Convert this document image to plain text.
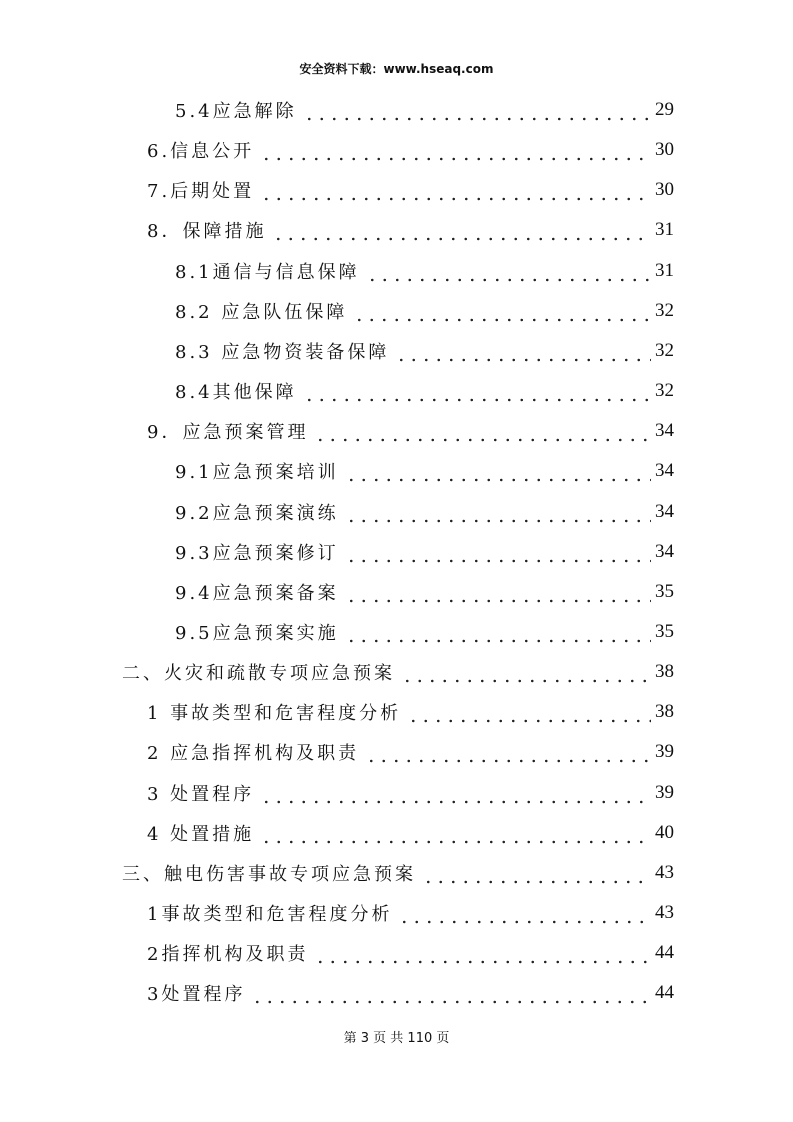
安全资料下载：www.hseaq.com
5.4应急解除	29
6.信息公开	30
7.后期处置	30
8．保障措施	31
8.1通信与信息保障	31
8.2 应急队伍保障	32
8.3 应急物资装备保障	32
8.4其他保障	32
9．应急预案管理	34
9.1应急预案培训	34
9.2应急预案演练	34
9.3应急预案修订	34
9.4应急预案备案	35
9.5应急预案实施	35
二、火灾和疏散专项应急预案	38
1 事故类型和危害程度分析	38
2 应急指挥机构及职责	39
3 处置程序	39
4 处置措施	40
三、触电伤害事故专项应急预案	43
1事故类型和危害程度分析	43
2指挥机构及职责	44
3处置程序	44
第 3 页 共 110 页
